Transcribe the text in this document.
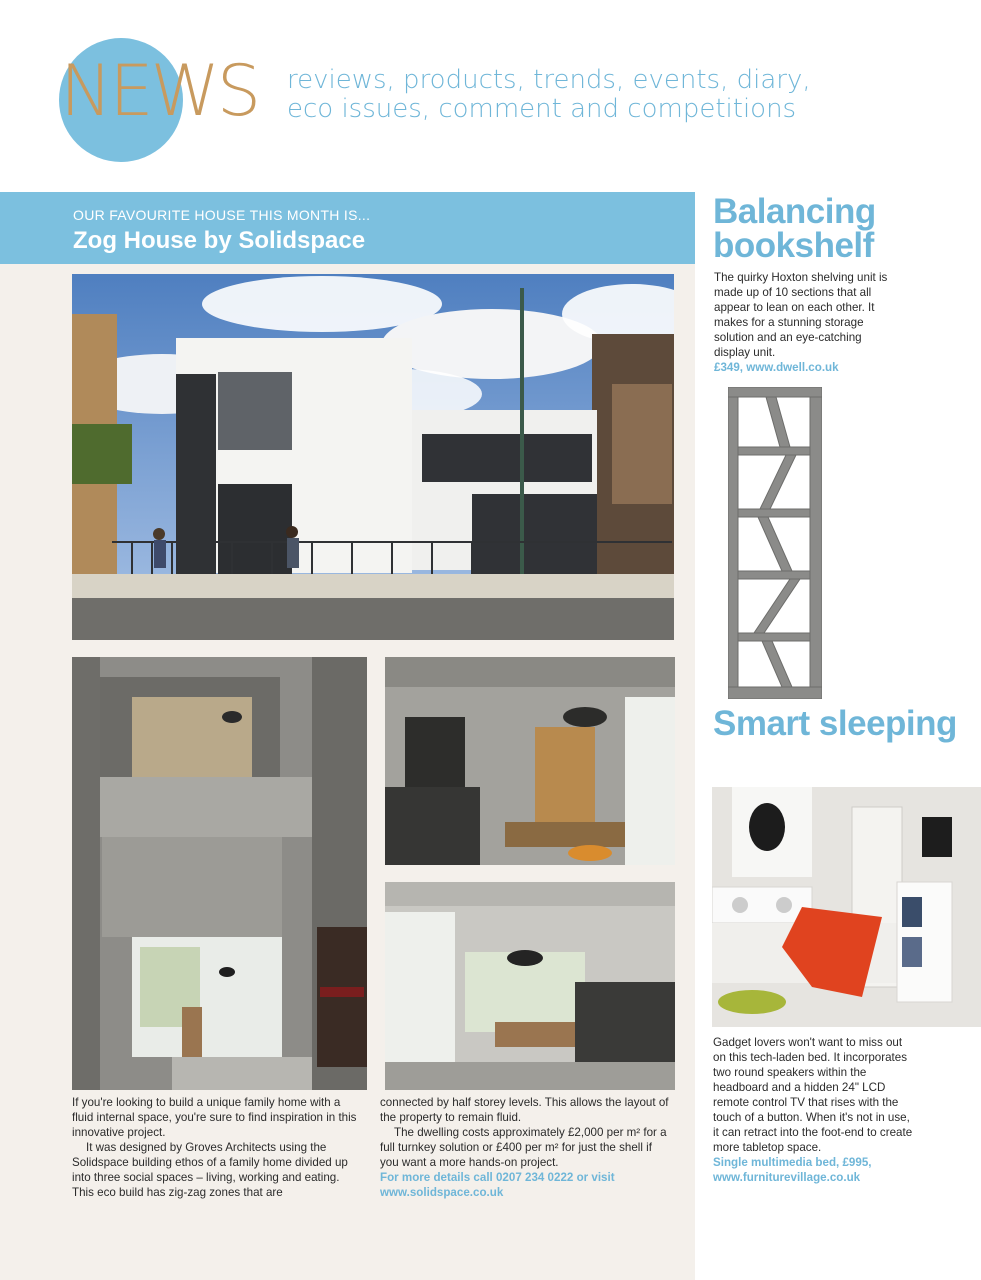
NEWS reviews, products, trends, events, diary, eco issues, comment and competitions
OUR FAVOURITE HOUSE THIS MONTH IS...
Zog House by Solidspace

If you're looking to build a unique family home with a fluid internal space, you're sure to find inspiration in this innovative project.

It was designed by Groves Architects using the Solidspace building ethos of a family home divided up into three social spaces – living, working and eating. This eco build has zig-zag zones that are

connected by half storey levels. This allows the layout of the property to remain fluid.

The dwelling costs approximately £2,000 per m² for a full turnkey solution or £400 per m² for just the shell if you want a more hands-on project.

For more details call 0207 234 0222 or visit www.solidspace.co.uk

Balancing bookshelf

The quirky Hoxton shelving unit is made up of 10 sections that all appear to lean on each other. It makes for a stunning storage solution and an eye-catching display unit.

£349, www.dwell.co.uk

Smart sleeping

Gadget lovers won't want to miss out on this tech-laden bed. It incorporates two round speakers within the headboard and a hidden 24" LCD remote control TV that rises with the touch of a button. When it's not in use, it can retract into the foot-end to create more tabletop space.

Single multimedia bed, £995, www.furniturevillage.co.uk
